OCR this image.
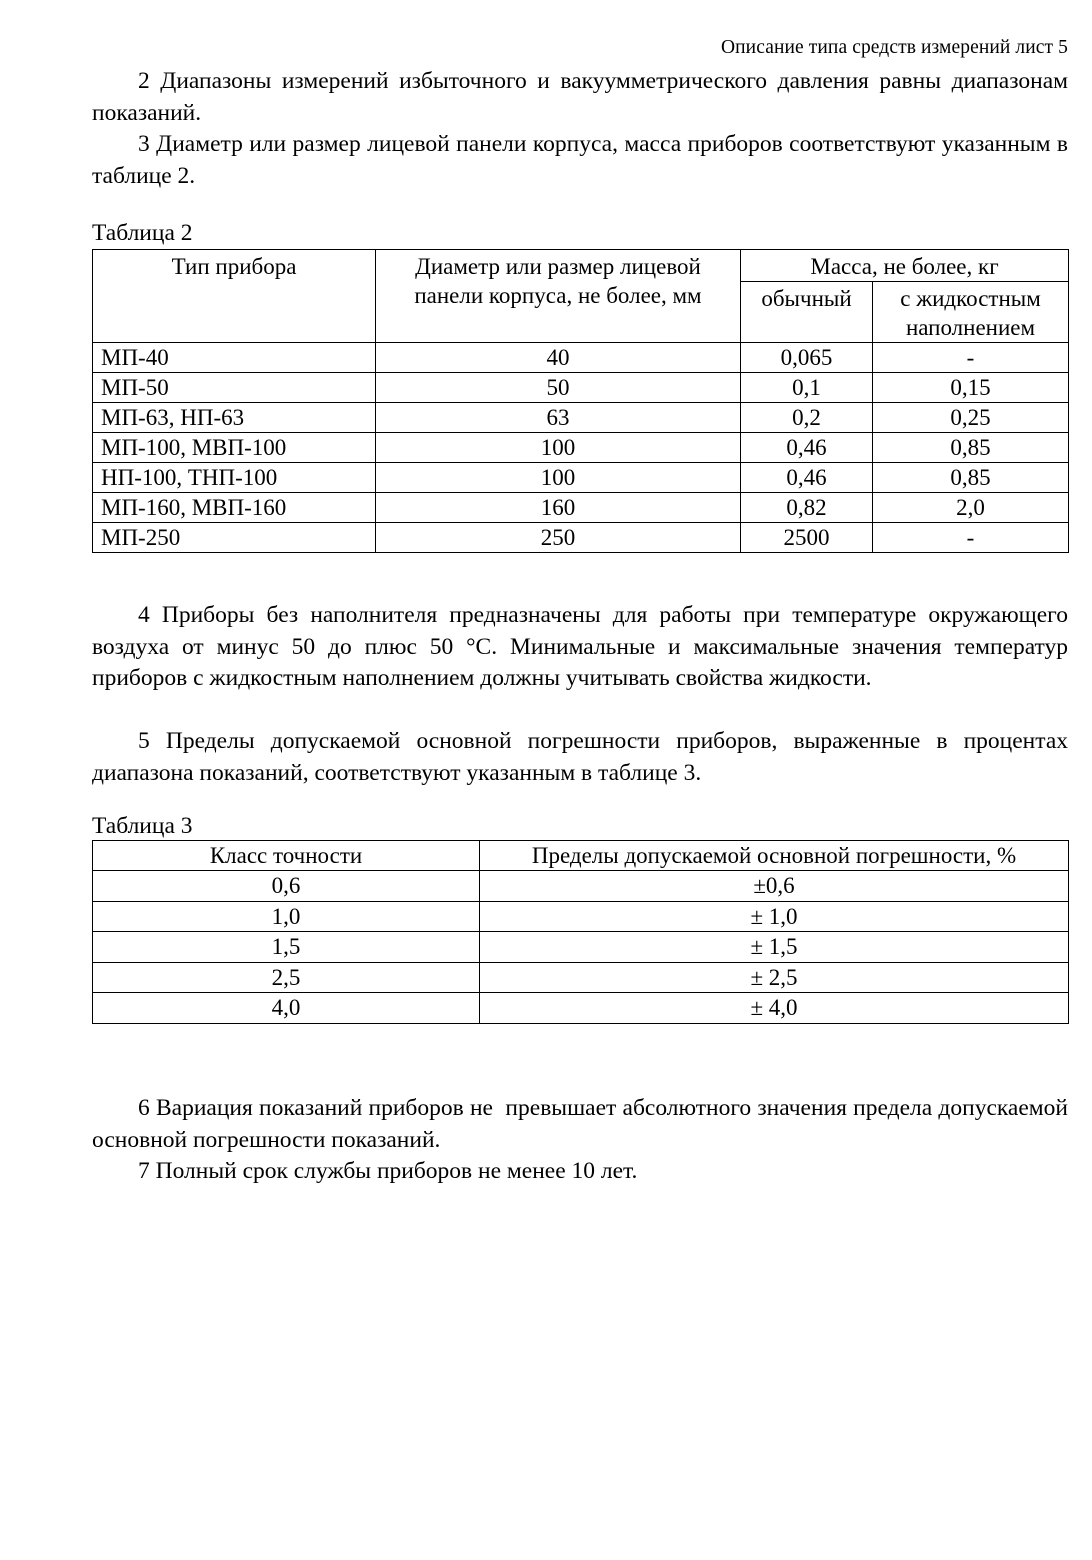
Описание типа средств измерений лист 5

2 Диапазоны измерений избыточного и вакуумметрического давления равны диапазонам показаний.

3 Диаметр или размер лицевой панели корпуса, масса приборов соответствуют указанным в таблице 2.

Таблица 2

Тип прибора	Диаметр или размер лицевой панели корпуса, не более, мм	Масса, не более, кг	
		обычный	с жидкостным наполнением
МП-40	40	0,065	-
МП-50	50	0,1	0,15
МП-63, НП-63	63	0,2	0,25
МП-100, МВП-100	100	0,46	0,85
НП-100, ТНП-100	100	0,46	0,85
МП-160, МВП-160	160	0,82	2,0
МП-250	250	2500	-

4 Приборы без наполнителя предназначены для работы при температуре окружающего воздуха от минус 50 до плюс 50 °С. Минимальные и максимальные значения температур приборов с жидкостным наполнением должны учитывать свойства жидкости.

5 Пределы допускаемой основной погрешности приборов, выраженные в процентах диапазона показаний, соответствуют указанным в таблице 3.

Таблица 3

Класс точности	Пределы допускаемой основной погрешности, %
0,6	±0,6
1,0	± 1,0
1,5	± 1,5
2,5	± 2,5
4,0	± 4,0

6 Вариация показаний приборов не  превышает абсолютного значения предела допускаемой основной погрешности показаний.

7 Полный срок службы приборов не менее 10 лет.
